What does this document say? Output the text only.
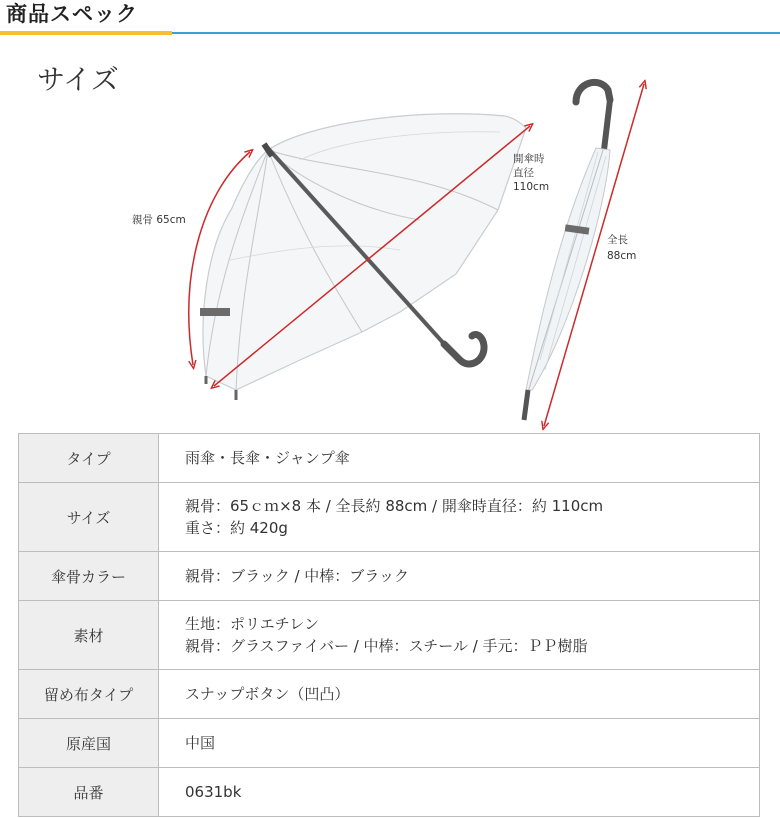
商品スペック
サイズ
親骨 65cm
開傘時
直径
110cm
全長
88cm
タイプ	雨傘・長傘・ジャンプ傘

サイズ	親骨：65ｃｍ×8 本 / 全長約 88cm / 開傘時直径：約 110cm
重さ：約 420g

傘骨カラー	親骨：ブラック / 中棒：ブラック

素材	生地：ポリエチレン
親骨：グラスファイバー / 中棒：スチール / 手元：ＰＰ樹脂

留め布タイプ	スナップボタン（凹凸）

原産国	中国

品番	0631bk
